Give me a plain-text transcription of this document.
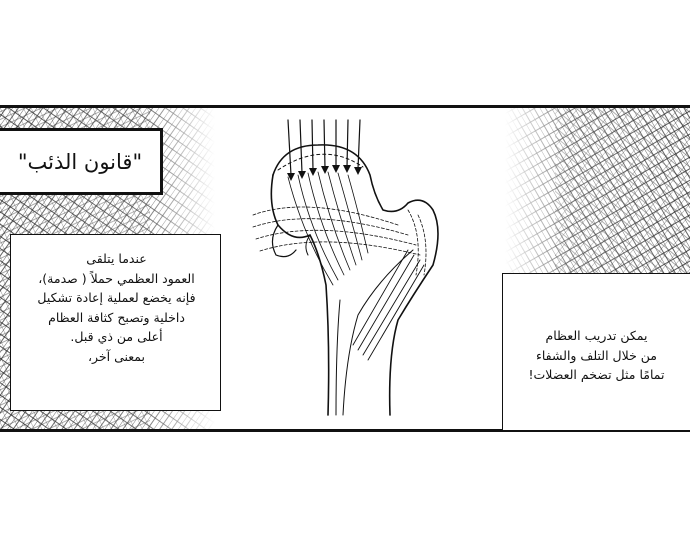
"قانون الذئب"

عندما يتلقى

العمود العظمي حملاً ( صدمة)،

فإنه يخضع لعملية إعادة تشكيل

داخلية وتصبح كثافة العظام

أعلى من ذي قبل.

بمعنى آخر،

يمكن تدريب العظام

من خلال التلف والشفاء

تمامًا مثل تضخم العضلات!
